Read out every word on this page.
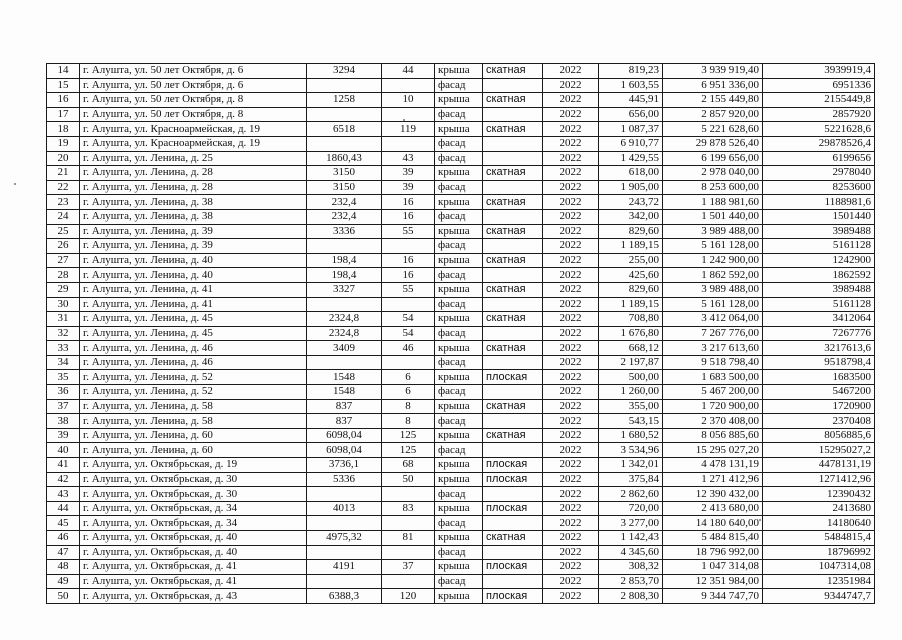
14	г. Алушта, ул. 50 лет Октября, д. 6	3294	44	крыша	скатная	2022	819,23	3 939 919,40	3939919,4
15	г. Алушта, ул. 50 лет Октября, д. 6			фасад		2022	1 603,55	6 951 336,00	6951336
16	г. Алушта, ул. 50 лет Октября, д. 8	1258	10	крыша	скатная	2022	445,91	2 155 449,80	2155449,8
17	г. Алушта, ул. 50 лет Октября, д. 8			фасад		2022	656,00	2 857 920,00	2857920
18	г. Алушта, ул. Красноармейская, д. 19	6518	119	крыша	скатная	2022	1 087,37	5 221 628,60	5221628,6
19	г. Алушта, ул. Красноармейская, д. 19			фасад		2022	6 910,77	29 878 526,40	29878526,4
20	г. Алушта, ул. Ленина, д. 25	1860,43	43	фасад		2022	1 429,55	6 199 656,00	6199656
21	г. Алушта, ул. Ленина, д. 28	3150	39	крыша	скатная	2022	618,00	2 978 040,00	2978040
22	г. Алушта, ул. Ленина, д. 28	3150	39	фасад		2022	1 905,00	8 253 600,00	8253600
23	г. Алушта, ул. Ленина, д. 38	232,4	16	крыша	скатная	2022	243,72	1 188 981,60	1188981,6
24	г. Алушта, ул. Ленина, д. 38	232,4	16	фасад		2022	342,00	1 501 440,00	1501440
25	г. Алушта, ул. Ленина, д. 39	3336	55	крыша	скатная	2022	829,60	3 989 488,00	3989488
26	г. Алушта, ул. Ленина, д. 39			фасад		2022	1 189,15	5 161 128,00	5161128
27	г. Алушта, ул. Ленина, д. 40	198,4	16	крыша	скатная	2022	255,00	1 242 900,00	1242900
28	г. Алушта, ул. Ленина, д. 40	198,4	16	фасад		2022	425,60	1 862 592,00	1862592
29	г. Алушта, ул. Ленина, д. 41	3327	55	крыша	скатная	2022	829,60	3 989 488,00	3989488
30	г. Алушта, ул. Ленина, д. 41			фасад		2022	1 189,15	5 161 128,00	5161128
31	г. Алушта, ул. Ленина, д. 45	2324,8	54	крыша	скатная	2022	708,80	3 412 064,00	3412064
32	г. Алушта, ул. Ленина, д. 45	2324,8	54	фасад		2022	1 676,80	7 267 776,00	7267776
33	г. Алушта, ул. Ленина, д. 46	3409	46	крыша	скатная	2022	668,12	3 217 613,60	3217613,6
34	г. Алушта, ул. Ленина, д. 46			фасад		2022	2 197,87	9 518 798,40	9518798,4
35	г. Алушта, ул. Ленина, д. 52	1548	6	крыша	плоская	2022	500,00	1 683 500,00	1683500
36	г. Алушта, ул. Ленина, д. 52	1548	6	фасад		2022	1 260,00	5 467 200,00	5467200
37	г. Алушта, ул. Ленина, д. 58	837	8	крыша	скатная	2022	355,00	1 720 900,00	1720900
38	г. Алушта, ул. Ленина, д. 58	837	8	фасад		2022	543,15	2 370 408,00	2370408
39	г. Алушта, ул. Ленина, д. 60	6098,04	125	крыша	скатная	2022	1 680,52	8 056 885,60	8056885,6
40	г. Алушта, ул. Ленина, д. 60	6098,04	125	фасад		2022	3 534,96	15 295 027,20	15295027,2
41	г. Алушта, ул. Октябрьская, д. 19	3736,1	68	крыша	плоская	2022	1 342,01	4 478 131,19	4478131,19
42	г. Алушта, ул. Октябрьская, д. 30	5336	50	крыша	плоская	2022	375,84	1 271 412,96	1271412,96
43	г. Алушта, ул. Октябрьская, д. 30			фасад		2022	2 862,60	12 390 432,00	12390432
44	г. Алушта, ул. Октябрьская, д. 34	4013	83	крыша	плоская	2022	720,00	2 413 680,00	2413680
45	г. Алушта, ул. Октябрьская, д. 34			фасад		2022	3 277,00	14 180 640,00	14180640
46	г. Алушта, ул. Октябрьская, д. 40	4975,32	81	крыша	скатная	2022	1 142,43	5 484 815,40	5484815,4
47	г. Алушта, ул. Октябрьская, д. 40			фасад		2022	4 345,60	18 796 992,00	18796992
48	г. Алушта, ул. Октябрьская, д. 41	4191	37	крыша	плоская	2022	308,32	1 047 314,08	1047314,08
49	г. Алушта, ул. Октябрьская, д. 41			фасад		2022	2 853,70	12 351 984,00	12351984
50	г. Алушта, ул. Октябрьская, д. 43	6388,3	120	крыша	плоская	2022	2 808,30	9 344 747,70	9344747,7
